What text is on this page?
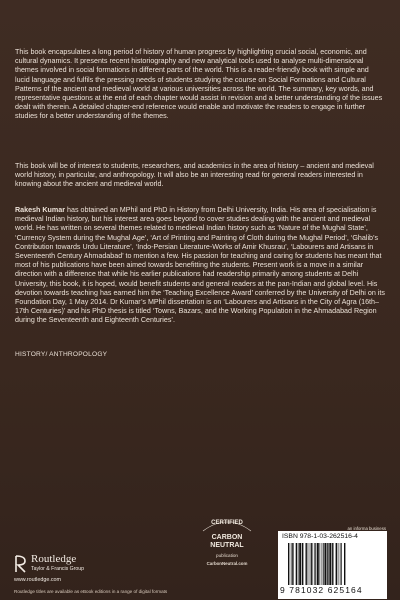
This book encapsulates a long period of history of human progress by highlighting crucial social, economic, and cultural dynamics. It presents recent historiography and new analytical tools used to analyse multi-dimensional themes involved in social formations in different parts of the world. This is a reader-friendly book with simple and lucid language and fulfils the pressing needs of students studying the course on Social Formations and Cultural Patterns of the ancient and medieval world at various universities across the world. The summary, key words, and representative questions at the end of each chapter would assist in revision and a better understanding of the issues dealt with therein. A detailed chapter-end reference would enable and motivate the readers to engage in further studies for a better understanding of the themes.

This book will be of interest to students, researchers, and academics in the area of history – ancient and medieval world history, in particular, and anthropology. It will also be an interesting read for general readers interested in knowing about the ancient and medieval world.

Rakesh Kumar has obtained an MPhil and PhD in History from Delhi University, India. His area of specialisation is medieval Indian history, but his interest area goes beyond to cover studies dealing with the ancient and medieval world. He has written on several themes related to medieval Indian history such as ‘Nature of the Mughal State’, ‘Currency System during the Mughal Age’, ‘Art of Printing and Painting of Cloth during the Mughal Period’, ‘Ghalib’s Contribution towards Urdu Literature’, ‘Indo-Persian Literature-Works of Amir Khusrau’, ‘Labourers and Artisans in Seventeenth Century Ahmadabad’ to mention a few. His passion for teaching and caring for students has meant that most of his publications have been aimed towards benefitting the students. Present work is a move in a similar direction with a difference that while his earlier publications had readership primarily among students at Delhi University, this book, it is hoped, would benefit students and general readers at the pan-Indian and global level. His devotion towards teaching has earned him the ‘Teaching Excellence Award’ conferred by the University of Delhi on its Foundation Day, 1 May 2014. Dr Kumar’s MPhil dissertation is on ‘Labourers and Artisans in the City of Agra (16th–17th Centuries)’ and his PhD thesis is titled ‘Towns, Bazars, and the Working Population in the Ahmadabad Region during the Seventeenth and Eighteenth Centuries’.

HISTORY/ ANTHROPOLOGY
CERTIFIED
CARBON
NEUTRAL
publication
CarbonNeutral.com
an informa business
ISBN 978-1-03-262516-4
9 781032 625164
Routledge
Taylor & Francis Group
www.routledge.com
Routledge titles are available as eBook editions in a range of digital formats
